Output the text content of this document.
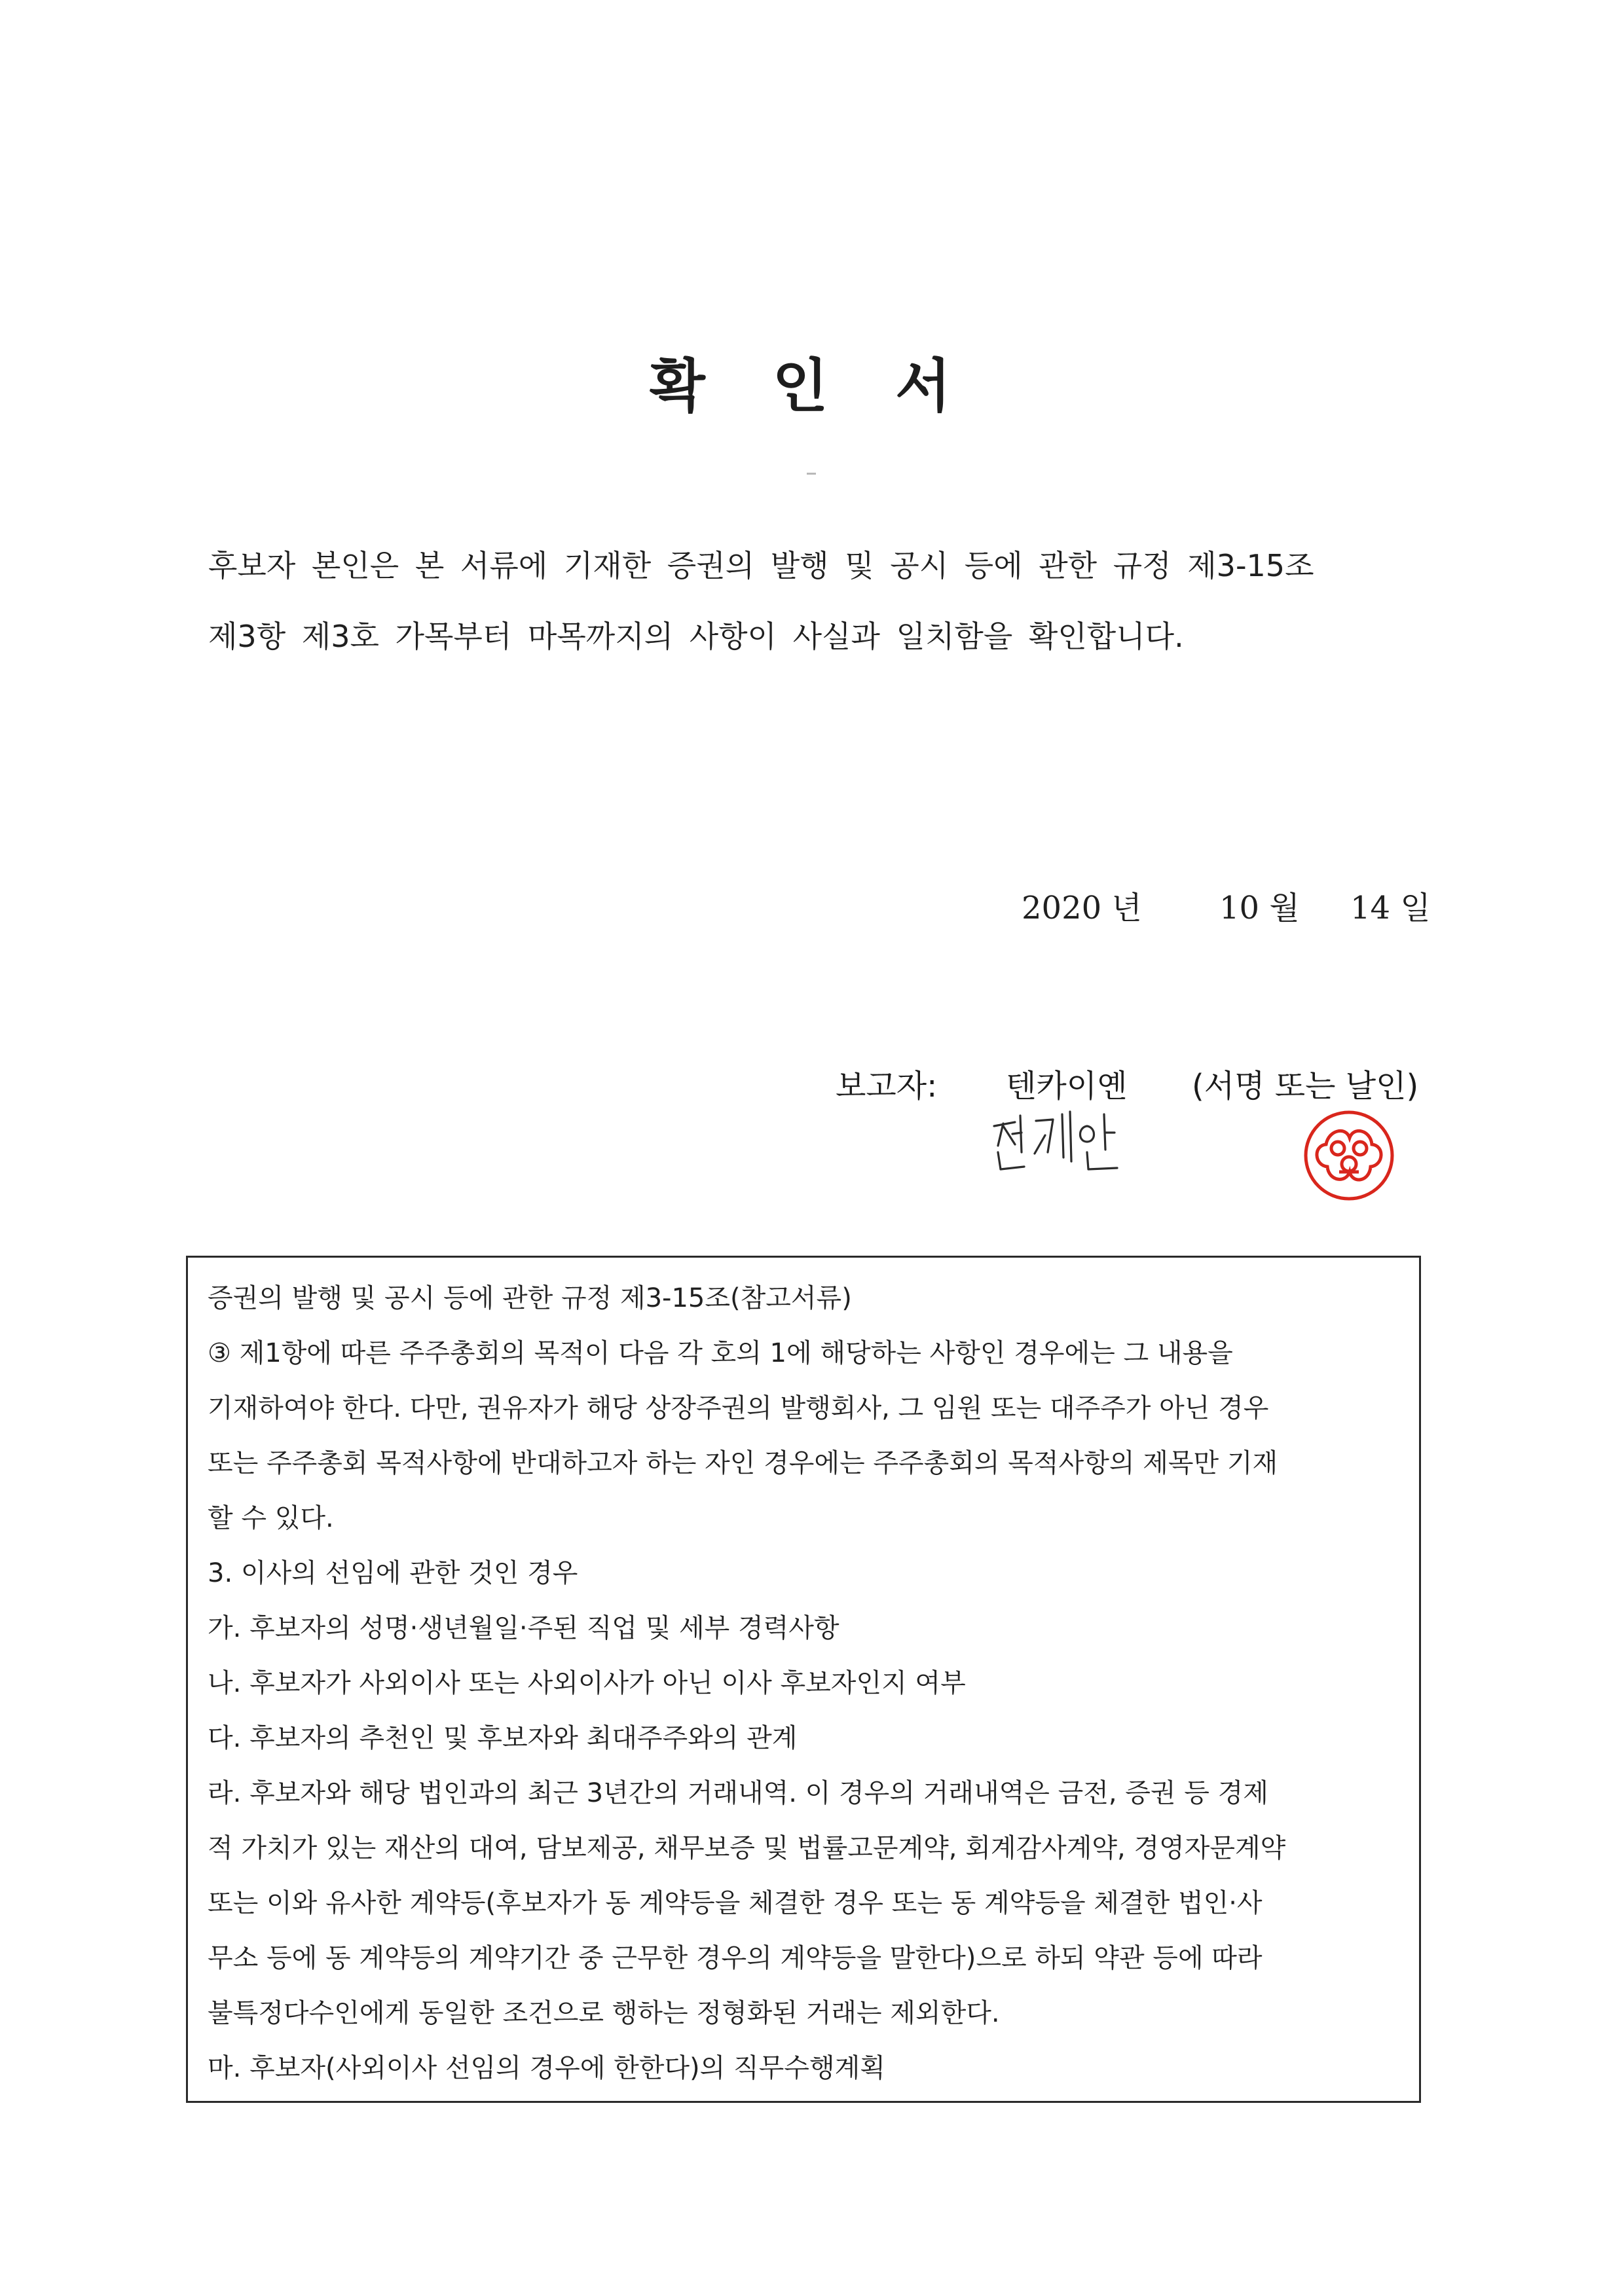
확 인 서
후보자 본인은 본 서류에 기재한 증권의 발행 및 공시 등에 관한 규정 제3-15조
제3항 제3호 가목부터 마목까지의 사항이 사실과 일치함을 확인합니다.
2020 년 10 월 14 일
보고자: 텐카이옌 (서명 또는 날인)
증권의 발행 및 공시 등에 관한 규정 제3-15조(참고서류)
③ 제1항에 따른 주주총회의 목적이 다음 각 호의 1에 해당하는 사항인 경우에는 그 내용을
기재하여야 한다. 다만, 권유자가 해당 상장주권의 발행회사, 그 임원 또는 대주주가 아닌 경우
또는 주주총회 목적사항에 반대하고자 하는 자인 경우에는 주주총회의 목적사항의 제목만 기재
할 수 있다.
3. 이사의 선임에 관한 것인 경우
가. 후보자의 성명·생년월일·주된 직업 및 세부 경력사항
나. 후보자가 사외이사 또는 사외이사가 아닌 이사 후보자인지 여부
다. 후보자의 추천인 및 후보자와 최대주주와의 관계
라. 후보자와 해당 법인과의 최근 3년간의 거래내역. 이 경우의 거래내역은 금전, 증권 등 경제
적 가치가 있는 재산의 대여, 담보제공, 채무보증 및 법률고문계약, 회계감사계약, 경영자문계약
또는 이와 유사한 계약등(후보자가 동 계약등을 체결한 경우 또는 동 계약등을 체결한 법인·사
무소 등에 동 계약등의 계약기간 중 근무한 경우의 계약등을 말한다)으로 하되 약관 등에 따라
불특정다수인에게 동일한 조건으로 행하는 정형화된 거래는 제외한다.
마. 후보자(사외이사 선임의 경우에 한한다)의 직무수행계획
